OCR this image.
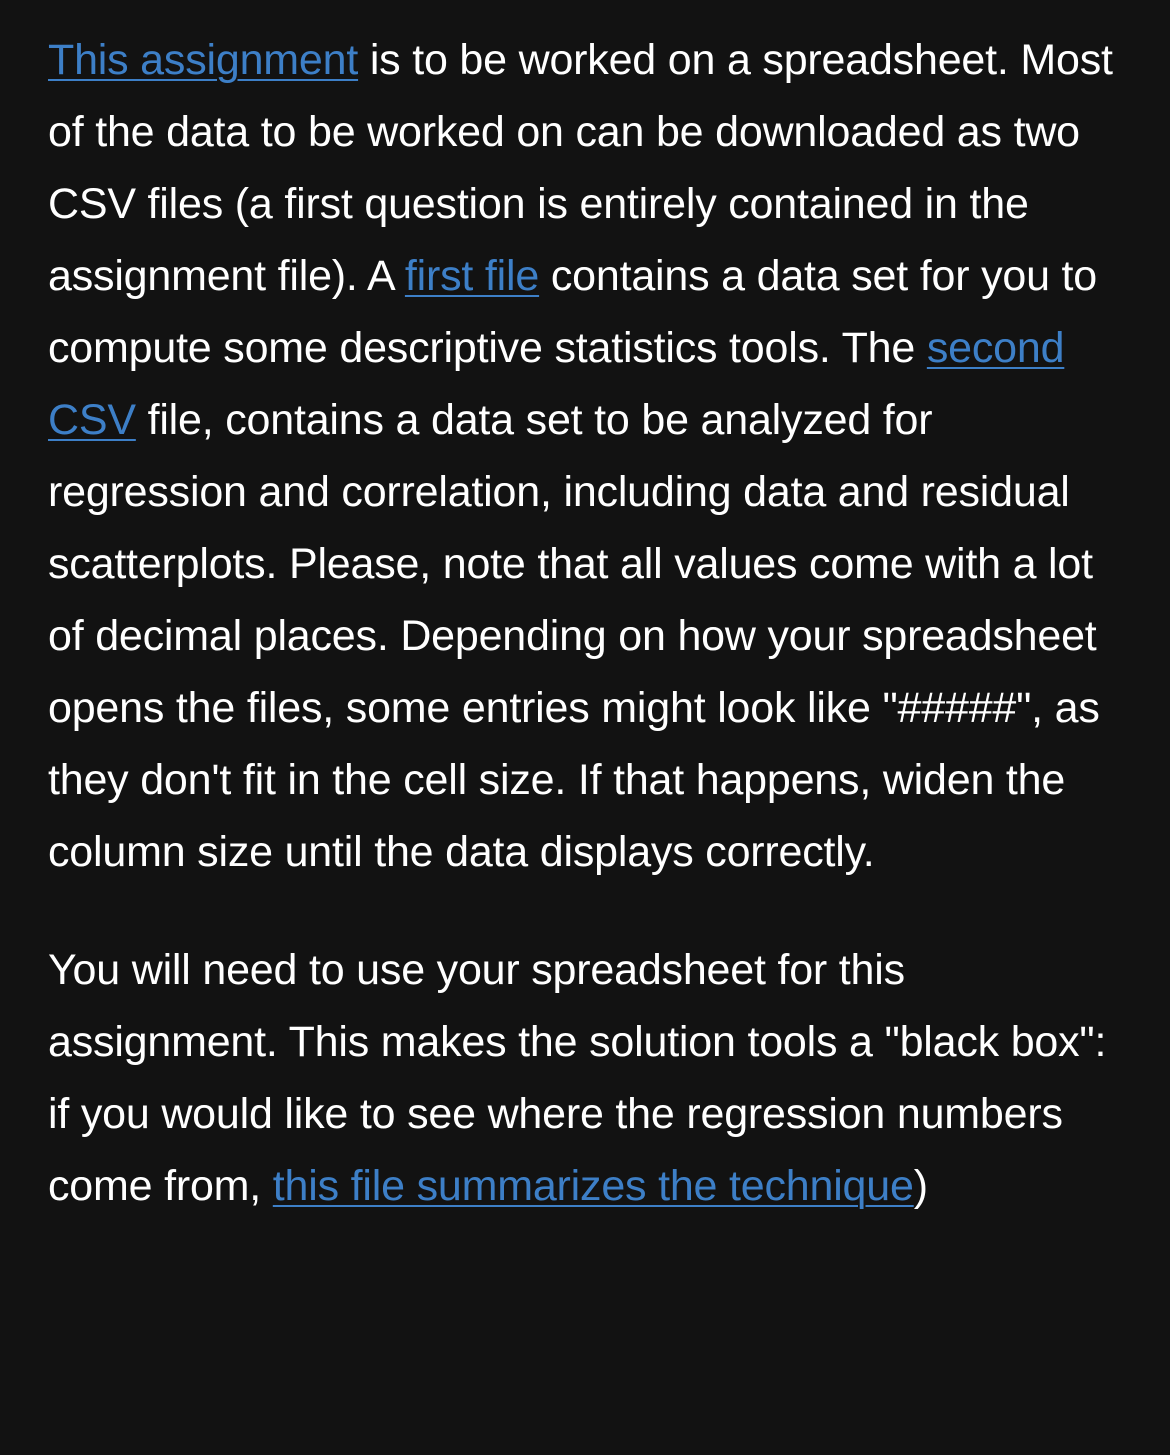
This assignment is to be worked on a spreadsheet. Most of the data to be worked on can be downloaded as two CSV files (a first question is entirely contained in the assignment file). A first file contains a data set for you to compute some descriptive statistics tools. The second CSV file, contains a data set to be analyzed for regression and correlation, including data and residual scatterplots. Please, note that all values come with a lot of decimal places. Depending on how your spreadsheet opens the files, some entries might look like "#####", as they don't fit in the cell size. If that happens, widen the column size until the data displays correctly.

You will need to use your spreadsheet for this assignment. This makes the solution tools a "black box": if you would like to see where the regression numbers come from, this file summarizes the technique)
